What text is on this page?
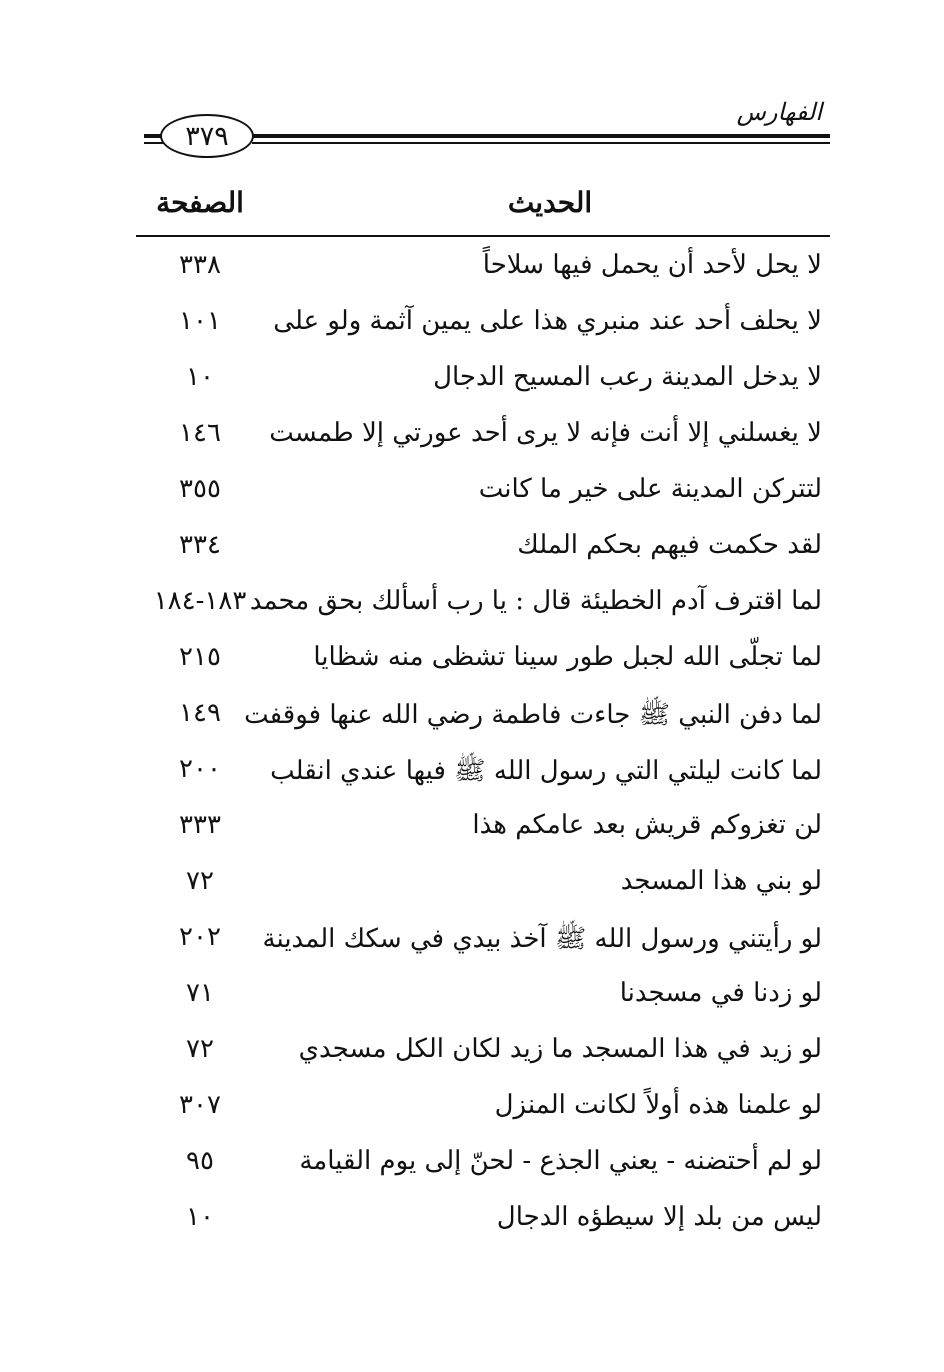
الفهارس
٣٧٩
الحديث
الصفحة
لا يحل لأحد أن يحمل فيها سلاحاً
٣٣٨
لا يحلف أحد عند منبري هذا على يمين آثمة ولو على
١٠١
لا يدخل المدينة رعب المسيح الدجال
١٠
لا يغسلني إلا أنت فإنه لا يرى أحد عورتي إلا طمست
١٤٦
لتتركن المدينة على خير ما كانت
٣٥٥
لقد حكمت فيهم بحكم الملك
٣٣٤
لما اقترف آدم الخطيئة قال : يا رب أسألك بحق محمد
١٨٣-١٨٤
لما تجلّى الله لجبل طور سينا تشظى منه شظايا
٢١٥
لما دفن النبي ﷺ جاءت فاطمة رضي الله عنها فوقفت
١٤٩
لما كانت ليلتي التي رسول الله ﷺ فيها عندي انقلب
٢٠٠
لن تغزوكم قريش بعد عامكم هذا
٣٣٣
لو بني هذا المسجد
٧٢
لو رأيتني ورسول الله ﷺ آخذ بيدي في سكك المدينة
٢٠٢
لو زدنا في مسجدنا
٧١
لو زيد في هذا المسجد ما زيد لكان الكل مسجدي
٧٢
لو علمنا هذه أولاً لكانت المنزل
٣٠٧
لو لم أحتضنه - يعني الجذع - لحنّ إلى يوم القيامة
٩٥
ليس من بلد إلا سيطؤه الدجال
١٠
